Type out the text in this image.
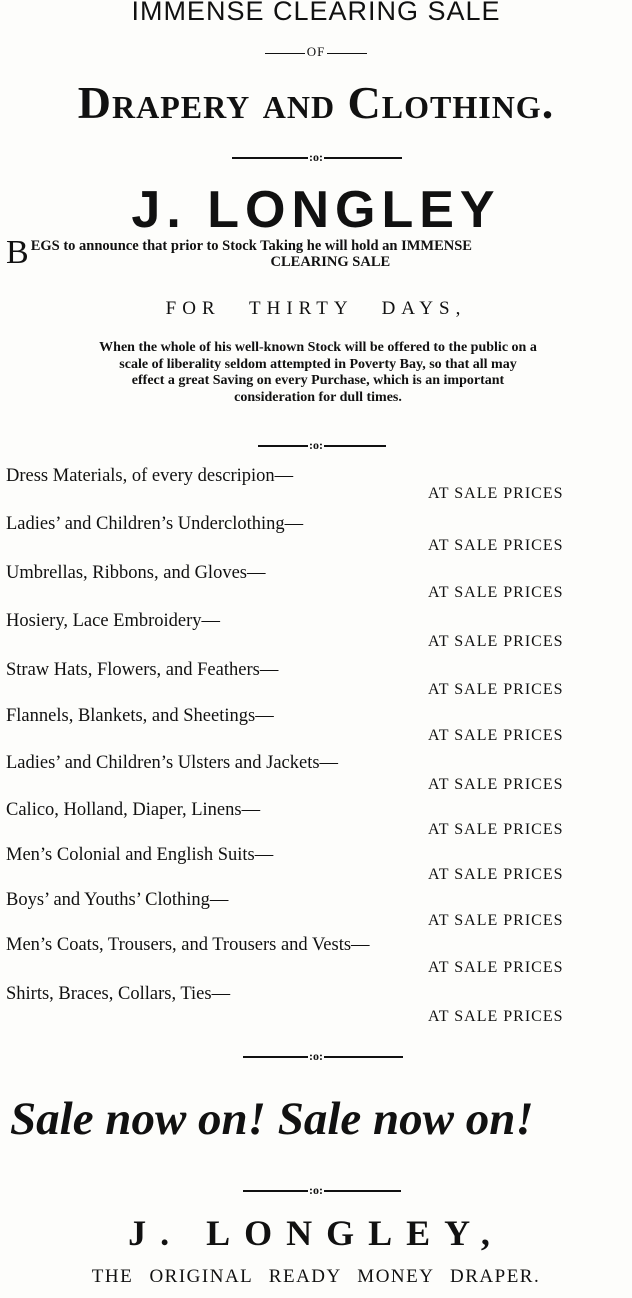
IMMENSE CLEARING SALE
OF
Drapery and Clothing.
:o:
J. LONGLEY
B EGS to announce that prior to Stock Taking he will hold an IMMENSE
CLEARING SALE
FOR THIRTY DAYS,
When the whole of his well-known Stock will be offered to the public on a
scale of liberality seldom attempted in Poverty Bay, so that all may
effect a great Saving on every Purchase, which is an important
consideration for dull times.
:o:
Dress Materials, of every descripion—
AT SALE PRICES
Ladies’ and Children’s Underclothing—
AT SALE PRICES
Umbrellas, Ribbons, and Gloves—
AT SALE PRICES
Hosiery, Lace Embroidery—
AT SALE PRICES
Straw Hats, Flowers, and Feathers—
AT SALE PRICES
Flannels, Blankets, and Sheetings—
AT SALE PRICES
Ladies’ and Children’s Ulsters and Jackets—
AT SALE PRICES
Calico, Holland, Diaper, Linens—
AT SALE PRICES
Men’s Colonial and English Suits—
AT SALE PRICES
Boys’ and Youths’ Clothing—
AT SALE PRICES
Men’s Coats, Trousers, and Trousers and Vests—
AT SALE PRICES
Shirts, Braces, Collars, Ties—
AT SALE PRICES
:o:
Sale now on! Sale now on!
:o:
J. LONGLEY,
THE ORIGINAL READY MONEY DRAPER.
